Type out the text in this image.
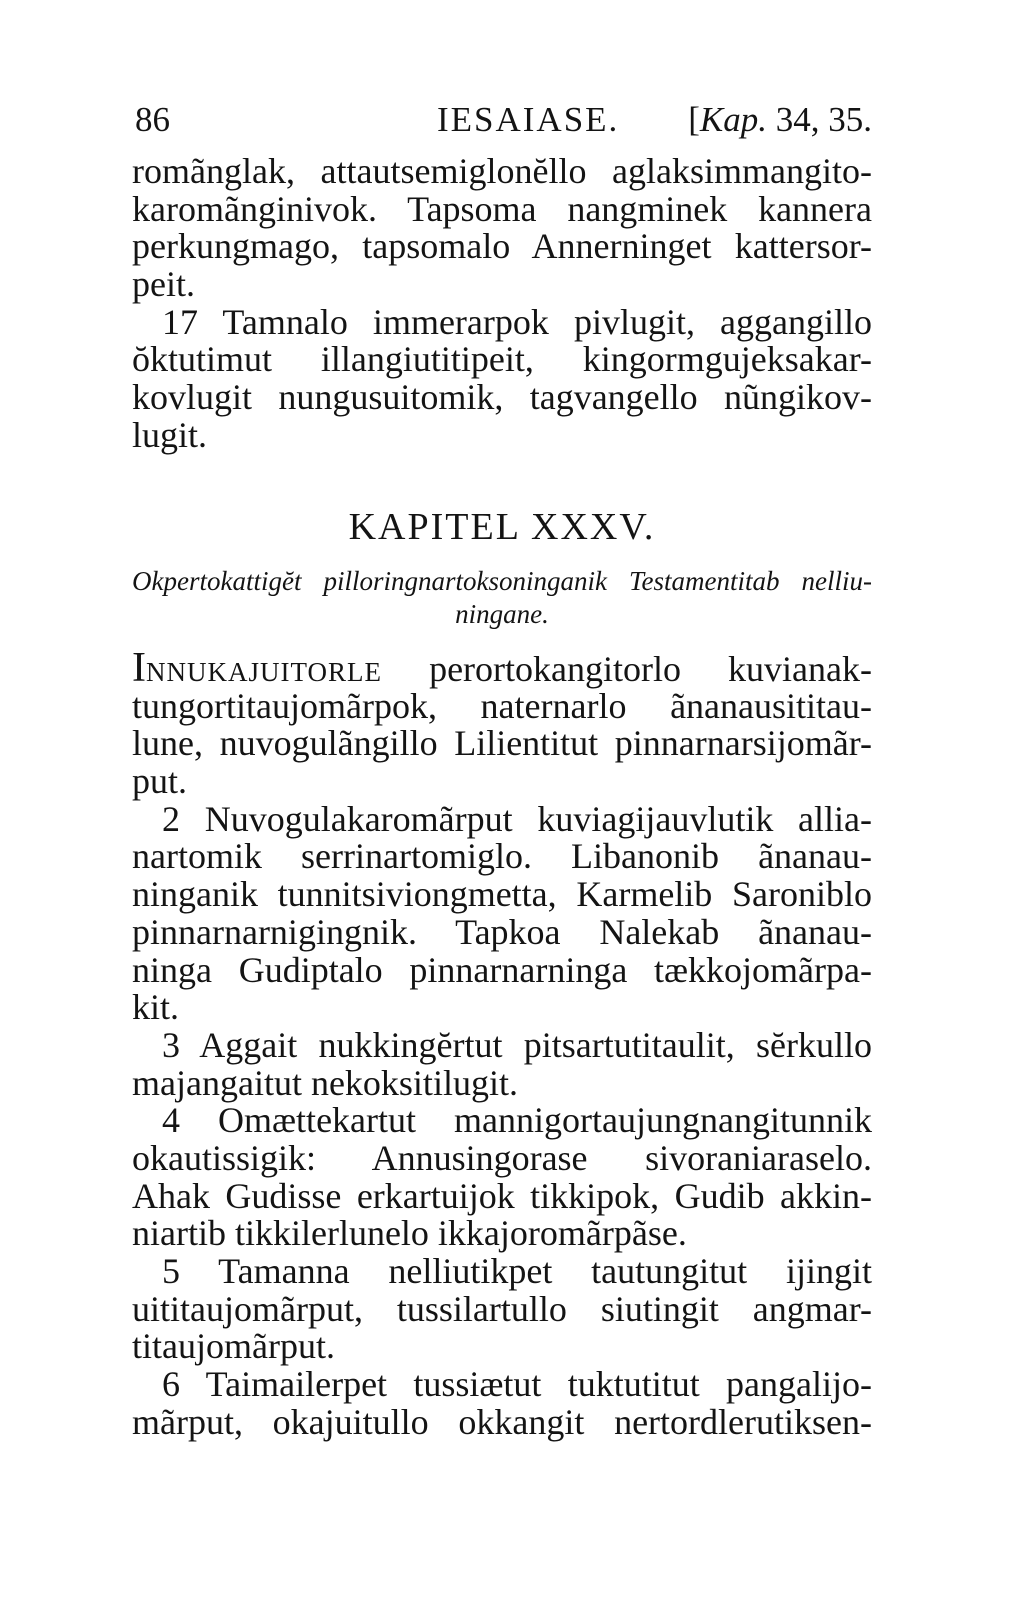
86	IESAIASE. [Kap. 34, 35.
romãnglak, attautsemiglonĕllo aglaksimmangito-
karomãnginivok. Tapsoma nangminek kannera
perkungmago, tapsomalo Annerninget kattersor-
peit.
17 Tamnalo immerarpok pivlugit, aggangillo
ŏktutimut illangiutitipeit, kingormgujeksakar-
kovlugit nungusuitomik, tagvangello nũngikov-
lugit.
KAPITEL XXXV.
Okpertokattigĕt pilloringnartoksoninganik Testamentitab nelliu-
ningane.
INNUKAJUITORLE perortokangitorlo kuvianak-
tungortitaujomãrpok, naternarlo ãnanausititau-
lune, nuvogulãngillo Lilientitut pinnarnarsijomãr-
put.
2 Nuvogulakaromãrput kuviagijauvlutik allia-
nartomik serrinartomiglo. Libanonib ãnanau-
ninganik tunnitsiviongmetta, Karmelib Saroniblo
pinnarnarnigingnik. Tapkoa Nalekab ãnanau-
ninga Gudiptalo pinnarnarninga tækkojomãrpa-
kit.
3 Aggait nukkingĕrtut pitsartutitaulit, sĕrkullo
majangaitut nekoksitilugit.
4 Omættekartut mannigortaujungnangitunnik
okautissigik: Annusingorase sivoraniaraselo.
Ahak Gudisse erkartuijok tikkipok, Gudib akkin-
niartib tikkilerlunelo ikkajoromãrpãse.
5 Tamanna nelliutikpet tautungitut ijingit
uititaujomãrput, tussilartullo siutingit angmar-
titaujomãrput.
6 Taimailerpet tussiætut tuktutitut pangalijo-
mãrput, okajuitullo okkangit nertordlerutiksen-
